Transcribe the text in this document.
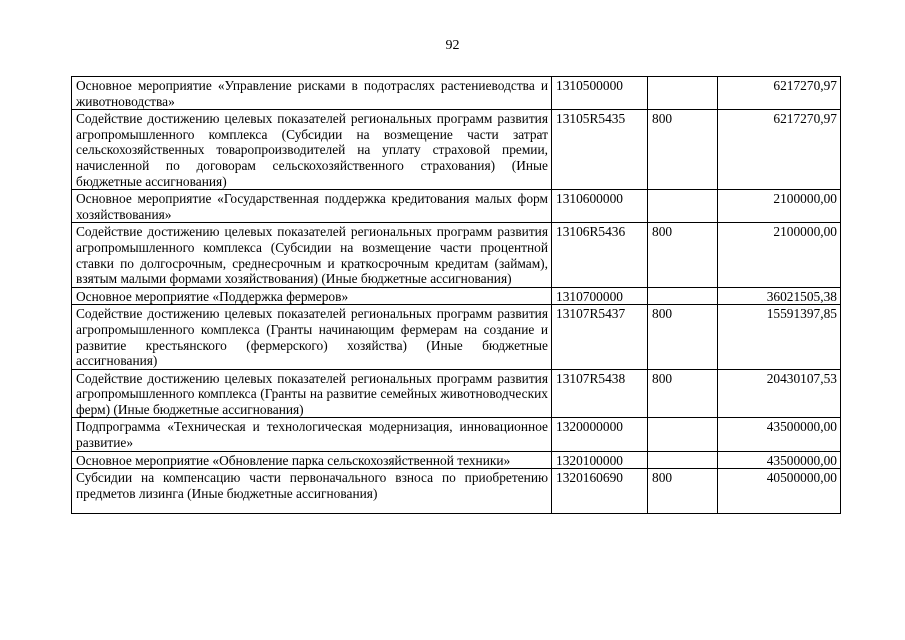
92
Основное мероприятие «Управление рисками в подотраслях растениеводства и животноводства»	1310500000		6217270,97
Содействие достижению целевых показателей региональных программ развития агропромышленного комплекса (Субсидии на возмещение части затрат сельскохозяйственных товаропроизводителей на уплату страховой премии, начисленной по договорам сельскохозяйственного страхования) (Иные бюджетные ассигнования)	13105R5435	800	6217270,97
Основное мероприятие «Государственная поддержка кредитования малых форм хозяйствования»	1310600000		2100000,00
Содействие достижению целевых показателей региональных программ развития агропромышленного комплекса (Субсидии на возмещение части процентной ставки по долгосрочным, среднесрочным и краткосрочным кредитам (займам), взятым малыми формами хозяйствования) (Иные бюджетные ассигнования)	13106R5436	800	2100000,00
Основное мероприятие «Поддержка фермеров»	1310700000		36021505,38
Содействие достижению целевых показателей региональных программ развития агропромышленного комплекса (Гранты начинающим фермерам на создание и развитие крестьянского (фермерского) хозяйства) (Иные бюджетные ассигнования)	13107R5437	800	15591397,85
Содействие достижению целевых показателей региональных программ развития агропромышленного комплекса (Гранты на развитие семейных животноводческих ферм) (Иные бюджетные ассигнования)	13107R5438	800	20430107,53
Подпрограмма «Техническая и технологическая модернизация, инновационное развитие»	1320000000		43500000,00
Основное мероприятие «Обновление парка сельскохозяйственной техники»	1320100000		43500000,00
Субсидии на компенсацию части первоначального взноса по приобретению предметов лизинга (Иные бюджетные ассигнования)	1320160690	800	40500000,00
